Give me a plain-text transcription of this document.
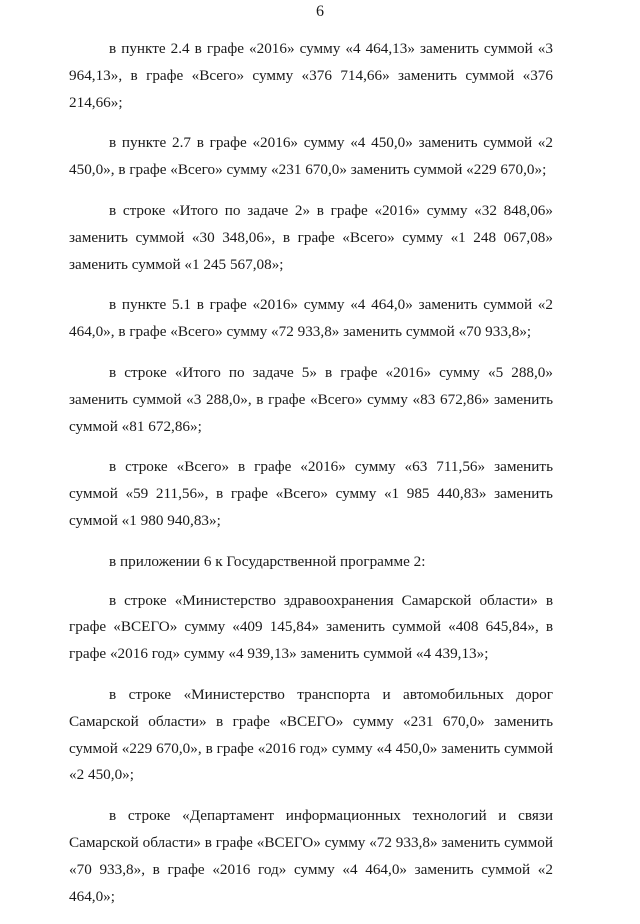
6

в пункте 2.4 в графе «2016» сумму «4 464,13» заменить суммой «3 964,13», в графе «Всего» сумму «376 714,66» заменить суммой «376 214,66»;

в пункте 2.7 в графе «2016» сумму «4 450,0» заменить суммой «2 450,0», в графе «Всего» сумму «231 670,0» заменить суммой «229 670,0»;

в строке «Итого по задаче 2» в графе «2016» сумму «32 848,06» заменить суммой «30 348,06», в графе «Всего» сумму «1 248 067,08» заменить суммой «1 245 567,08»;

в пункте 5.1 в графе «2016» сумму «4 464,0» заменить суммой «2 464,0», в графе «Всего» сумму «72 933,8» заменить суммой «70 933,8»;

в строке «Итого по задаче 5» в графе «2016» сумму «5 288,0» заменить суммой «3 288,0», в графе «Всего» сумму «83 672,86» заменить суммой «81 672,86»;

в строке «Всего» в графе «2016» сумму «63 711,56» заменить суммой «59 211,56», в графе «Всего» сумму «1 985 440,83» заменить суммой «1 980 940,83»;

в приложении 6 к Государственной программе 2:

в строке «Министерство здравоохранения Самарской области» в графе «ВСЕГО» сумму «409 145,84» заменить суммой «408 645,84», в графе «2016 год» сумму «4 939,13» заменить суммой «4 439,13»;

в строке «Министерство транспорта и автомобильных дорог Самарской области» в графе «ВСЕГО» сумму «231 670,0» заменить суммой «229 670,0», в графе «2016 год» сумму «4 450,0» заменить суммой «2 450,0»;

в строке «Департамент информационных технологий и связи Самарской области» в графе «ВСЕГО» сумму «72 933,8» заменить суммой «70 933,8», в графе «2016 год» сумму «4 464,0» заменить суммой «2 464,0»;
